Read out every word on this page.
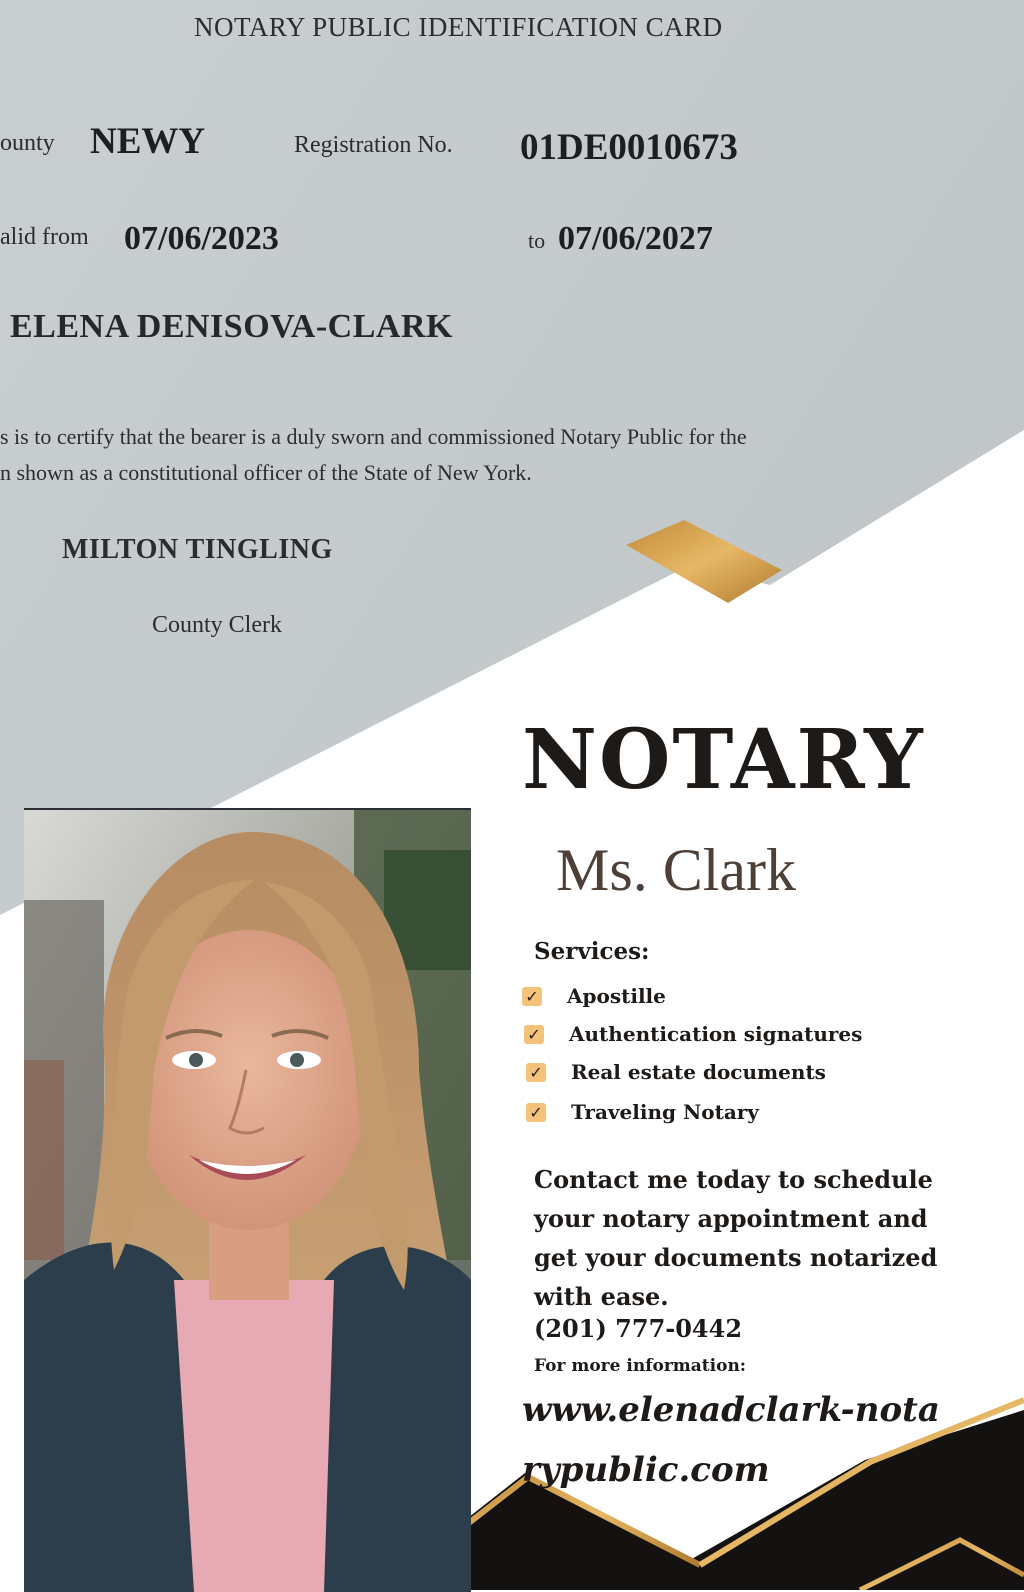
NOTARY PUBLIC IDENTIFICATION CARD
ounty NEWY	Registration No. 01DE0010673
alid from 07/06/2023	to 07/06/2027
ELENA DENISOVA-CLARK
s is to certify that the bearer is a duly sworn and commissioned Notary Public for the
n shown as a constitutional officer of the State of New York.
MILTON TINGLING
County Clerk
NOTARY
Ms. Clark
Services:
✓ Apostille
✓ Authentication signatures
✓ Real estate documents
✓ Traveling Notary
Contact me today to schedule your notary appointment and get your documents notarized with ease.
(201) 777-0442
For more information:
www.elenadclark-notarypublic.com
